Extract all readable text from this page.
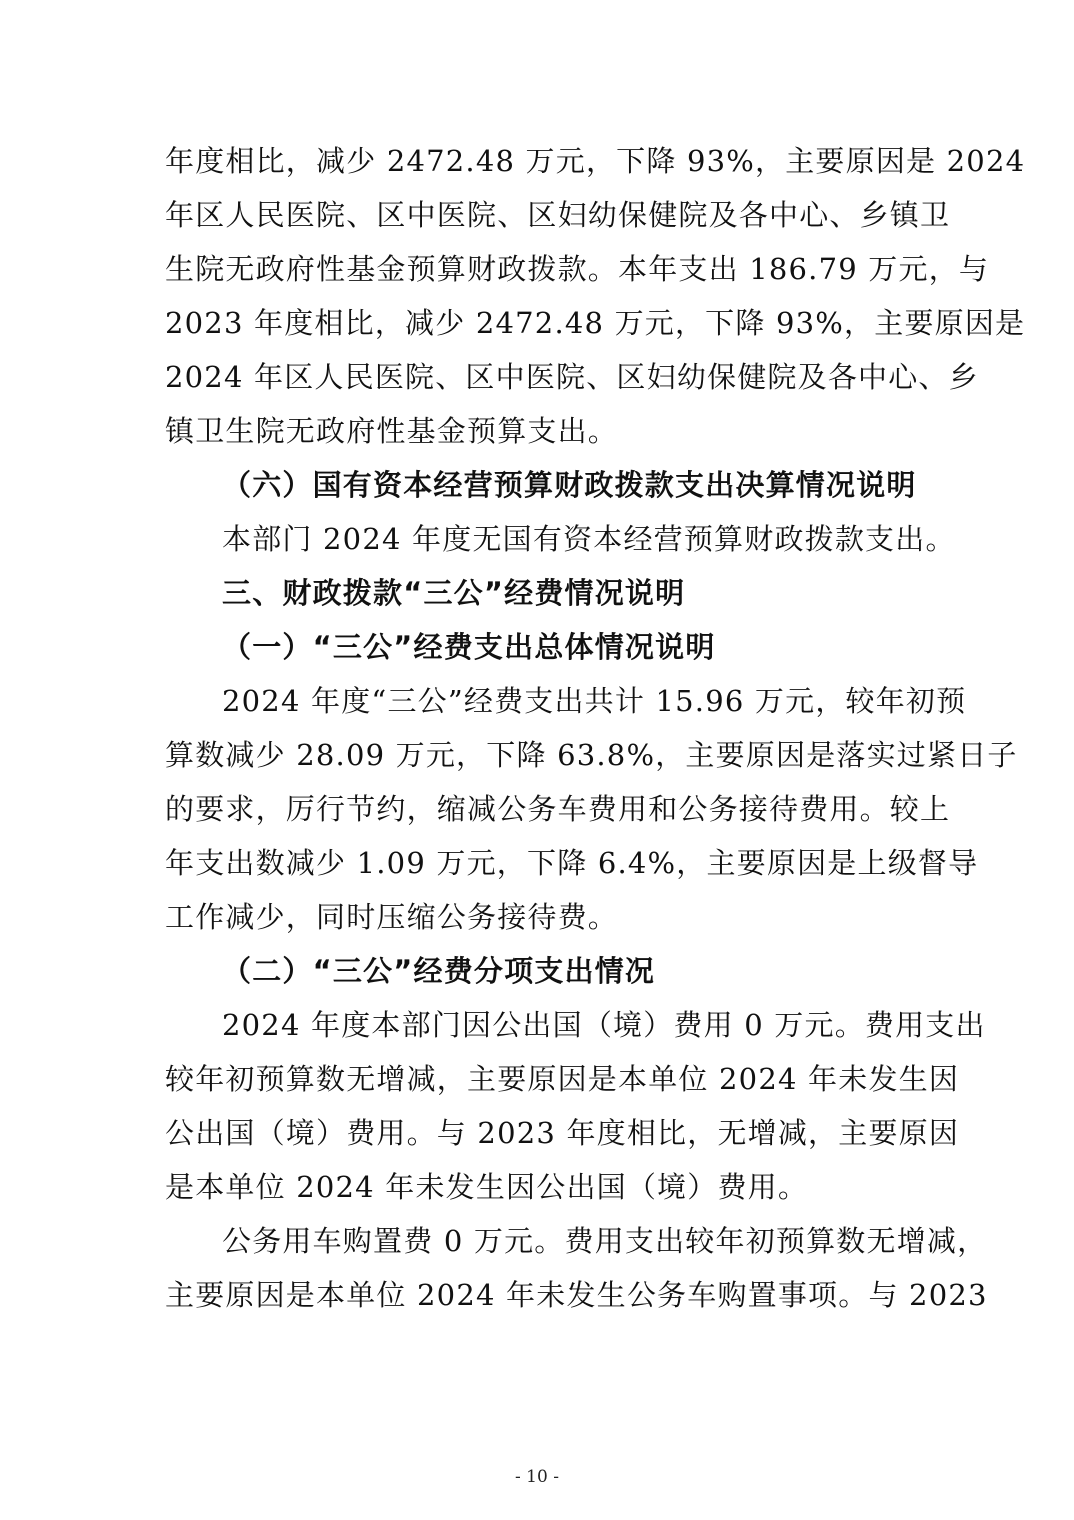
年度相比，减少 2472.48 万元，下降 93%，主要原因是 2024
年区人民医院、区中医院、区妇幼保健院及各中心、乡镇卫
生院无政府性基金预算财政拨款。本年支出 186.79 万元，与
2023 年度相比，减少 2472.48 万元，下降 93%，主要原因是
2024 年区人民医院、区中医院、区妇幼保健院及各中心、乡
镇卫生院无政府性基金预算支出。
（六）国有资本经营预算财政拨款支出决算情况说明
本部门 2024 年度无国有资本经营预算财政拨款支出。
三、财政拨款“三公”经费情况说明
（一）“三公”经费支出总体情况说明
2024 年度“三公”经费支出共计 15.96 万元，较年初预
算数减少 28.09 万元，下降 63.8%，主要原因是落实过紧日子
的要求，厉行节约，缩减公务车费用和公务接待费用。较上
年支出数减少 1.09 万元，下降 6.4%，主要原因是上级督导
工作减少，同时压缩公务接待费。
（二）“三公”经费分项支出情况
2024 年度本部门因公出国（境）费用 0 万元。费用支出
较年初预算数无增减，主要原因是本单位 2024 年未发生因
公出国（境）费用。与 2023 年度相比，无增减，主要原因
是本单位 2024 年未发生因公出国（境）费用。
公务用车购置费 0 万元。费用支出较年初预算数无增减，
主要原因是本单位 2024 年未发生公务车购置事项。与 2023
- 10 -
